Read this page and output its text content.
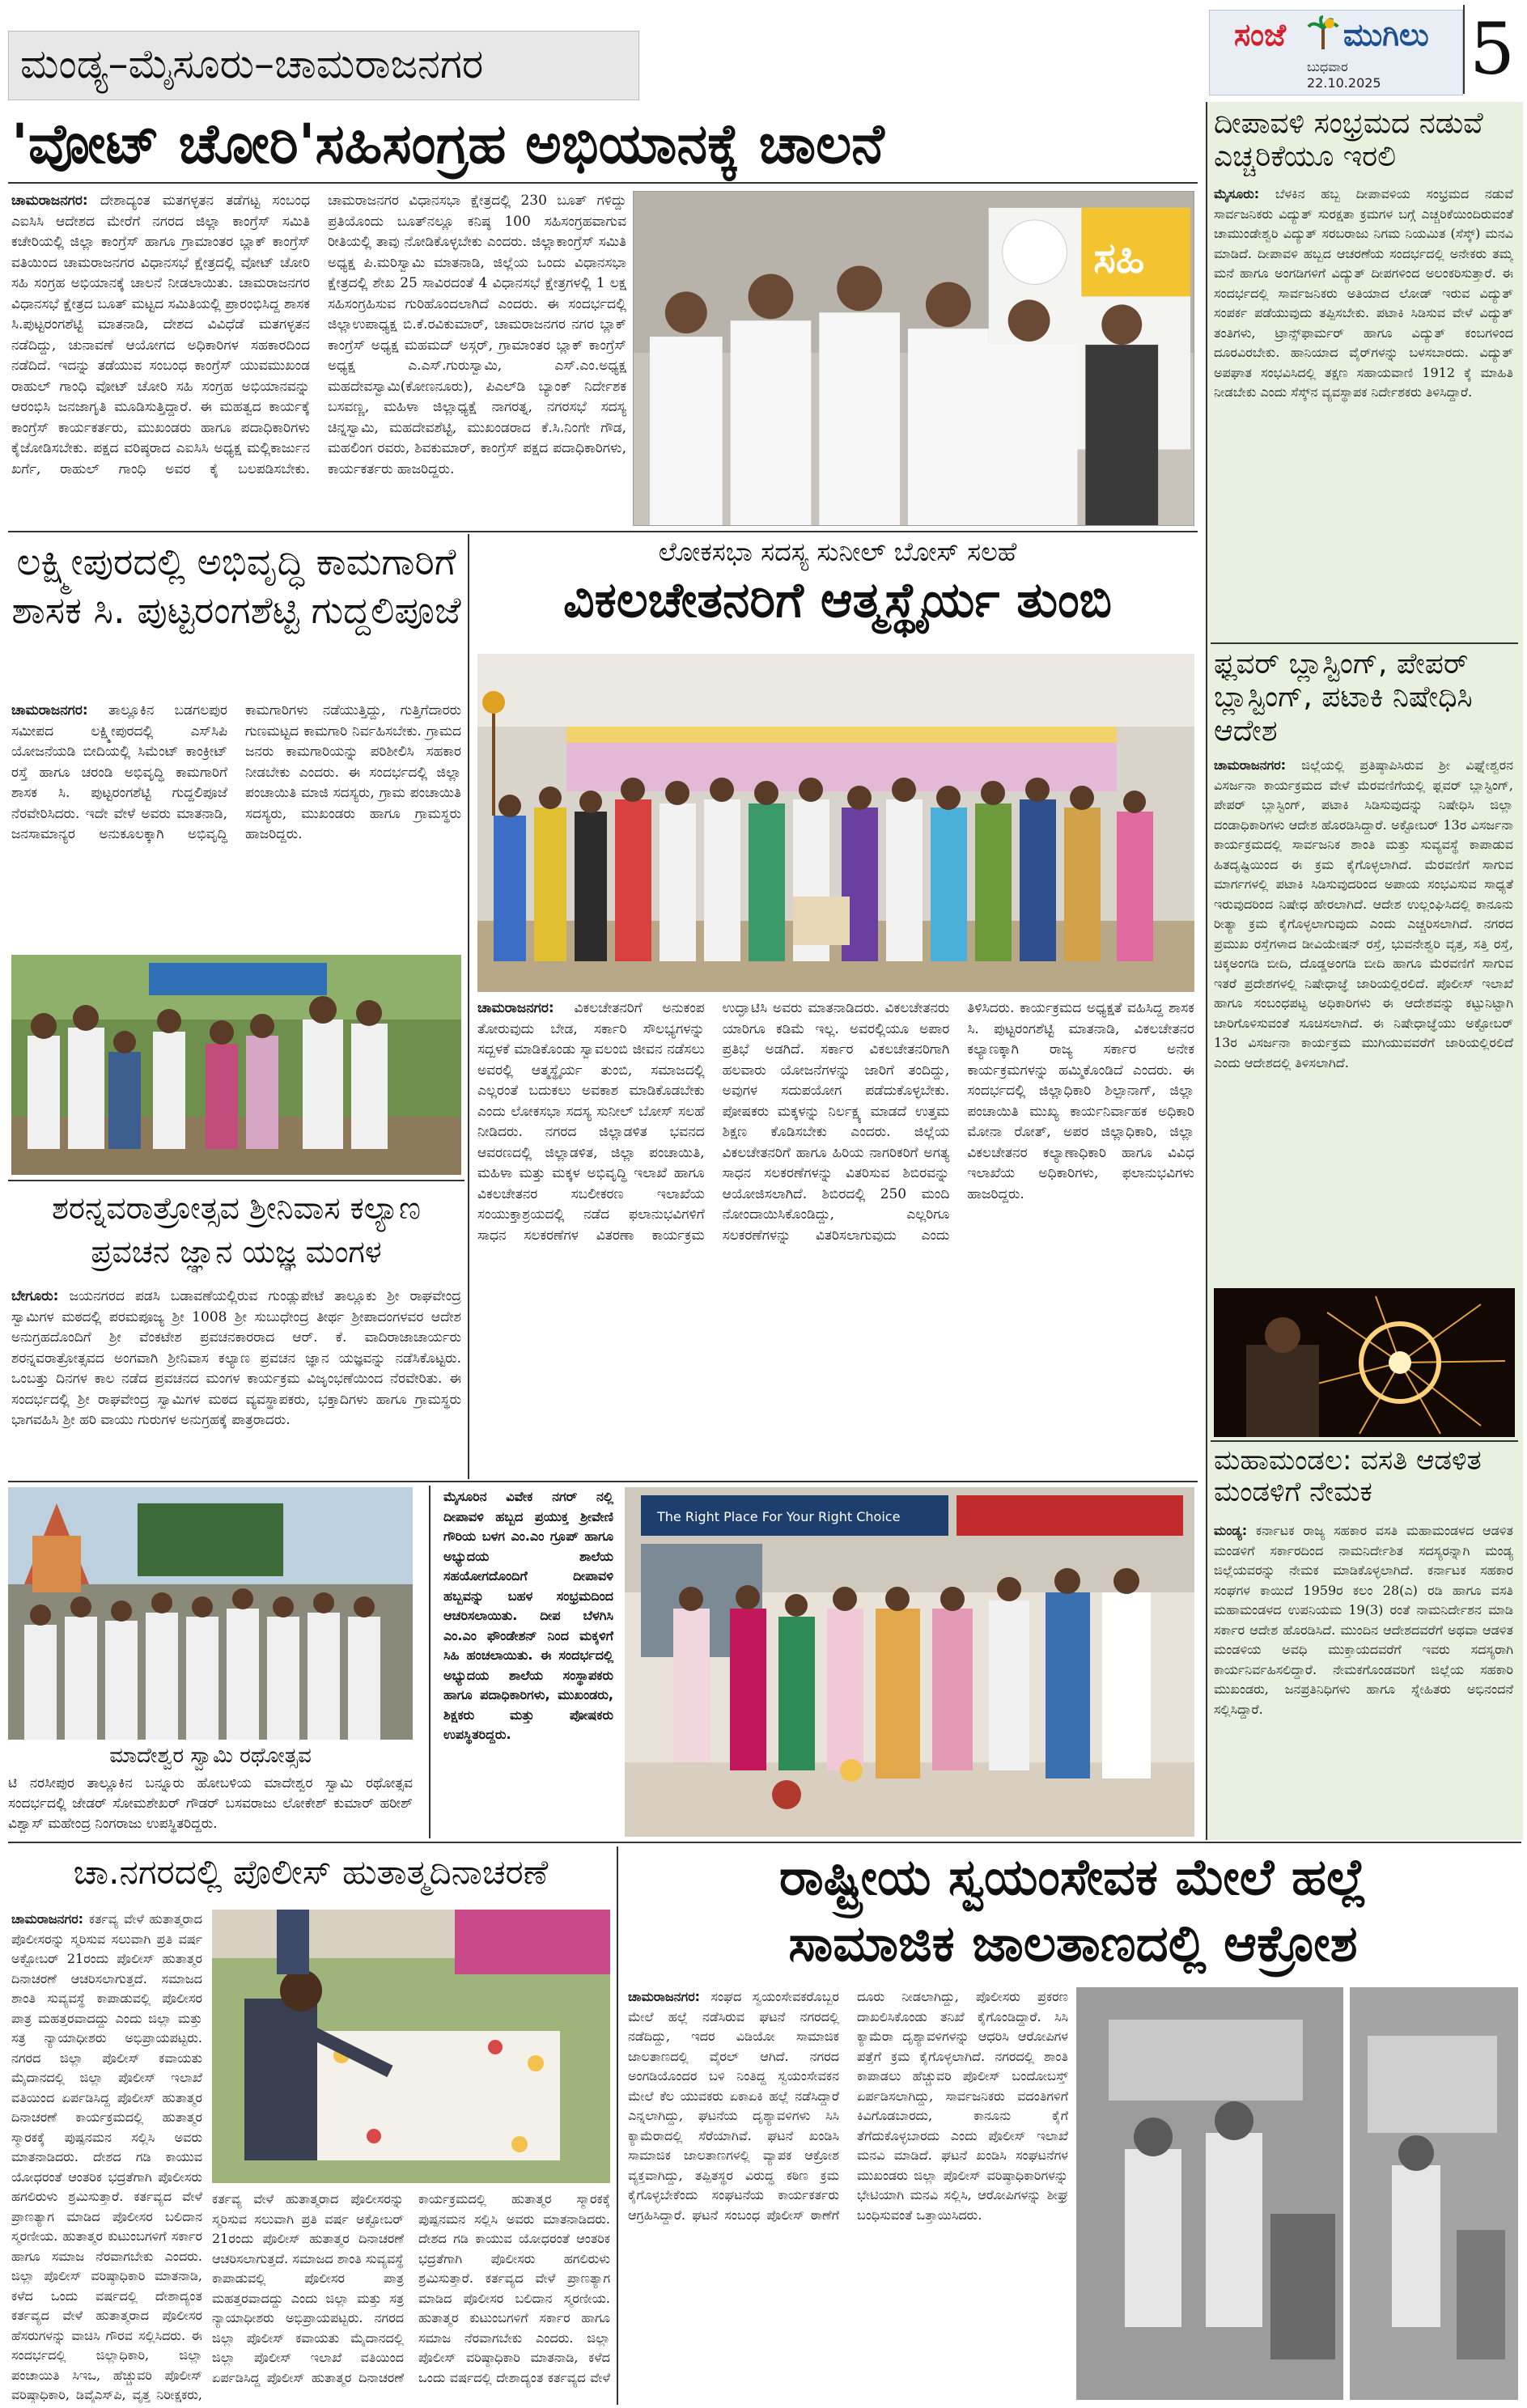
ಮಂಡ್ಯ–ಮೈಸೂರು–ಚಾಮರಾಜನಗರ
ಸಂಜೆ ಮುಗಿಲು
ಬುಧವಾರ
22.10.2025 5
'ವೋಟ್ ಚೋರಿ'ಸಹಿಸಂಗ್ರಹ ಅಭಿಯಾನಕ್ಕೆ ಚಾಲನೆ
ಚಾಮರಾಜನಗರ: ದೇಶಾದ್ಯಂತ ಮತಗಳ್ಳತನ ತಡೆಗಟ್ಟ ಸಂಬಂಧ ಎಐಸಿಸಿ ಆದೇಶದ ಮೇರೆಗೆ ನಗರದ ಜಿಲ್ಲಾ ಕಾಂಗ್ರೆಸ್ ಸಮಿತಿ ಕಚೇರಿಯಲ್ಲಿ ಜಿಲ್ಲಾ ಕಾಂಗ್ರೆಸ್ ಹಾಗೂ ಗ್ರಾಮಾಂತರ ಬ್ಲಾಕ್ ಕಾಂಗ್ರೆಸ್ ವತಿಯಿಂದ ಚಾಮರಾಜನಗರ ವಿಧಾನಸಭೆ ಕ್ಷೇತ್ರದಲ್ಲಿ ವೋಟ್ ಚೋರಿ ಸಹಿ ಸಂಗ್ರಹ ಅಭಿಯಾನಕ್ಕೆ ಚಾಲನೆ ನೀಡಲಾಯಿತು. ಚಾಮರಾಜನಗರ ವಿಧಾನಸಭೆ ಕ್ಷೇತ್ರದ ಬೂತ್ ಮಟ್ಟದ ಸಮಿತಿಯಲ್ಲಿ ಪ್ರಾರಂಭಿಸಿದ್ದ ಶಾಸಕ ಸಿ.ಪುಟ್ಟರಂಗಶೆಟ್ಟಿ ಮಾತನಾಡಿ, ದೇಶದ ವಿವಿಧೆಡೆ ಮತಗಳ್ಳತನ ನಡೆದಿದ್ದು, ಚುನಾವಣೆ ಆಯೋಗದ ಅಧಿಕಾರಿಗಳ ಸಹಕಾರದಿಂದ ನಡೆದಿದೆ. ಇದನ್ನು ತಡೆಯುವ ಸಂಬಂಧ ಕಾಂಗ್ರೆಸ್ ಯುವಮುಖಂಡ ರಾಹುಲ್ ಗಾಂಧಿ ವೋಟ್ ಚೋರಿ ಸಹಿ ಸಂಗ್ರಹ ಅಭಿಯಾನವನ್ನು ಆರಂಭಿಸಿ ಜನಜಾಗೃತಿ ಮೂಡಿಸುತ್ತಿದ್ದಾರೆ. ಈ ಮಹತ್ವದ ಕಾರ್ಯಕ್ಕೆ ಕಾಂಗ್ರೆಸ್ ಕಾರ್ಯಕರ್ತರು, ಮುಖಂಡರು ಹಾಗೂ ಪದಾಧಿಕಾರಿಗಳು ಕೈಜೋಡಿಸಬೇಕು. ಪಕ್ಷದ ವರಿಷ್ಠರಾದ ಎಐಸಿಸಿ ಅಧ್ಯಕ್ಷ ಮಲ್ಲಿಕಾರ್ಜುನ ಖರ್ಗೆ, ರಾಹುಲ್ ಗಾಂಧಿ ಅವರ ಕೈ ಬಲಪಡಿಸಬೇಕು. ಚಾಮರಾಜನಗರ ವಿಧಾನಸಭಾ ಕ್ಷೇತ್ರದಲ್ಲಿ 230 ಬೂತ್ ಗಳಿದ್ದು ಪ್ರತಿಯೊಂದು ಬೂತ್‌ನಲ್ಲೂ ಕನಿಷ್ಠ 100 ಸಹಿಸಂಗ್ರಹವಾಗುವ ರೀತಿಯಲ್ಲಿ ತಾವು ನೋಡಿಕೊಳ್ಳಬೇಕು ಎಂದರು. ಜಿಲ್ಲಾಕಾಂಗ್ರೆಸ್ ಸಮಿತಿ ಅಧ್ಯಕ್ಷ ಪಿ.ಮರಿಸ್ವಾಮಿ ಮಾತನಾಡಿ, ಜಿಲ್ಲೆಯ ಒಂದು ವಿಧಾನಸಭಾ ಕ್ಷೇತ್ರದಲ್ಲಿ ಶೇಖ 25 ಸಾವಿರದಂತೆ 4 ವಿಧಾನಸಭೆ ಕ್ಷೇತ್ರಗಳಲ್ಲಿ 1 ಲಕ್ಷ ಸಹಿಸಂಗ್ರಹಿಸುವ ಗುರಿಹೊಂದಲಾಗಿದೆ ಎಂದರು. ಈ ಸಂದರ್ಭದಲ್ಲಿ ಜಿಲ್ಲಾಉಪಾಧ್ಯಕ್ಷ ಬಿ.ಕೆ.ರವಿಕುಮಾರ್, ಚಾಮರಾಜನಗರ ನಗರ ಬ್ಲಾಕ್ ಕಾಂಗ್ರೆಸ್ ಅಧ್ಯಕ್ಷ ಮಹಮದ್ ಅಸ್ಗರ್, ಗ್ರಾಮಾಂತರ ಬ್ಲಾಕ್ ಕಾಂಗ್ರೆಸ್ ಅಧ್ಯಕ್ಷ ಎ.ಎಸ್.ಗುರುಸ್ವಾಮಿ, ಎಸ್.ಎಂ.ಅಧ್ಯಕ್ಷ ಮಹದೇವಸ್ವಾಮಿ(ಕೋಣನೂರು), ಪಿಎಲ್‌ಡಿ ಬ್ಯಾಂಕ್ ನಿರ್ದೇಶಕ ಬಸವಣ್ಣ, ಮಹಿಳಾ ಜಿಲ್ಲಾಧ್ಯಕ್ಷೆ ನಾಗರತ್ನ, ನಗರಸಭೆ ಸದಸ್ಯ ಚಿನ್ನಸ್ವಾಮಿ, ಮಹದೇವಶೆಟ್ಟಿ, ಮುಖಂಡರಾದ ಕೆ.ಸಿ.ನಿಂಗೇ ಗೌಡ, ಮಹಲಿಂಗ ರವರು, ಶಿವಕುಮಾರ್, ಕಾಂಗ್ರೆಸ್ ಪಕ್ಷದ ಪದಾಧಿಕಾರಿಗಳು, ಕಾರ್ಯಕರ್ತರು ಹಾಜರಿದ್ದರು.
ಸಹಿ
ದೀಪಾವಳಿ ಸಂಭ್ರಮದ ನಡುವೆ ಎಚ್ಚರಿಕೆಯೂ ಇರಲಿ
ಮೈಸೂರು: ಬೆಳಕಿನ ಹಬ್ಬ ದೀಪಾವಳಿಯ ಸಂಭ್ರಮದ ನಡುವೆ ಸಾರ್ವಜನಿಕರು ವಿದ್ಯುತ್ ಸುರಕ್ಷತಾ ಕ್ರಮಗಳ ಬಗ್ಗೆ ಎಚ್ಚರಿಕೆಯಿಂದಿರುವಂತೆ ಚಾಮುಂಡೇಶ್ವರಿ ವಿದ್ಯುತ್ ಸರಬರಾಜು ನಿಗಮ ನಿಯಮಿತ (ಸೆಸ್ಕ್) ಮನವಿ ಮಾಡಿದೆ. ದೀಪಾವಳಿ ಹಬ್ಬದ ಆಚರಣೆಯ ಸಂದರ್ಭದಲ್ಲಿ ಅನೇಕರು ತಮ್ಮ ಮನೆ ಹಾಗೂ ಅಂಗಡಿಗಳಿಗೆ ವಿದ್ಯುತ್ ದೀಪಗಳಿಂದ ಅಲಂಕರಿಸುತ್ತಾರೆ. ಈ ಸಂದರ್ಭದಲ್ಲಿ ಸಾರ್ವಜನಿಕರು ಅತಿಯಾದ ಲೋಡ್ ಇರುವ ವಿದ್ಯುತ್ ಸಂಪರ್ಕ ಪಡೆಯುವುದು ತಪ್ಪಿಸಬೇಕು. ಪಟಾಕಿ ಸಿಡಿಸುವ ವೇಳೆ ವಿದ್ಯುತ್ ತಂತಿಗಳು, ಟ್ರಾನ್ಸ್‌ಫಾರ್ಮರ್ ಹಾಗೂ ವಿದ್ಯುತ್ ಕಂಬಗಳಿಂದ ದೂರವಿರಬೇಕು. ಹಾನಿಯಾದ ವೈರ್‌ಗಳನ್ನು ಬಳಸಬಾರದು. ವಿದ್ಯುತ್ ಅಪಘಾತ ಸಂಭವಿಸಿದಲ್ಲಿ ತಕ್ಷಣ ಸಹಾಯವಾಣಿ 1912 ಕ್ಕೆ ಮಾಹಿತಿ ನೀಡಬೇಕು ಎಂದು ಸೆಸ್ಕ್‌ನ ವ್ಯವಸ್ಥಾಪಕ ನಿರ್ದೇಶಕರು ತಿಳಿಸಿದ್ದಾರೆ.
ಫ್ಲವರ್ ಬ್ಲಾಸ್ಟಿಂಗ್, ಪೇಪರ್ ಬ್ಲಾಸ್ಟಿಂಗ್, ಪಟಾಕಿ ನಿಷೇಧಿಸಿ ಆದೇಶ
ಚಾಮರಾಜನಗರ: ಜಿಲ್ಲೆಯಲ್ಲಿ ಪ್ರತಿಷ್ಠಾಪಿಸಿರುವ ಶ್ರೀ ವಿಘ್ನೇಶ್ವರನ ವಿಸರ್ಜನಾ ಕಾರ್ಯಕ್ರಮದ ವೇಳೆ ಮೆರವಣಿಗೆಯಲ್ಲಿ ಫ್ಲವರ್ ಬ್ಲಾಸ್ಟಿಂಗ್, ಪೇಪರ್ ಬ್ಲಾಸ್ಟಿಂಗ್, ಪಟಾಕಿ ಸಿಡಿಸುವುದನ್ನು ನಿಷೇಧಿಸಿ ಜಿಲ್ಲಾ ದಂಡಾಧಿಕಾರಿಗಳು ಆದೇಶ ಹೊರಡಿಸಿದ್ದಾರೆ. ಅಕ್ಟೋಬರ್ 13ರ ವಿಸರ್ಜನಾ ಕಾರ್ಯಕ್ರಮದಲ್ಲಿ ಸಾರ್ವಜನಿಕ ಶಾಂತಿ ಮತ್ತು ಸುವ್ಯವಸ್ಥೆ ಕಾಪಾಡುವ ಹಿತದೃಷ್ಟಿಯಿಂದ ಈ ಕ್ರಮ ಕೈಗೊಳ್ಳಲಾಗಿದೆ. ಮೆರವಣಿಗೆ ಸಾಗುವ ಮಾರ್ಗಗಳಲ್ಲಿ ಪಟಾಕಿ ಸಿಡಿಸುವುದರಿಂದ ಅಪಾಯ ಸಂಭವಿಸುವ ಸಾಧ್ಯತೆ ಇರುವುದರಿಂದ ನಿಷೇಧ ಹೇರಲಾಗಿದೆ. ಆದೇಶ ಉಲ್ಲಂಘಿಸಿದಲ್ಲಿ ಕಾನೂನು ರೀತ್ಯಾ ಕ್ರಮ ಕೈಗೊಳ್ಳಲಾಗುವುದು ಎಂದು ಎಚ್ಚರಿಸಲಾಗಿದೆ. ನಗರದ ಪ್ರಮುಖ ರಸ್ತೆಗಳಾದ ಡೀವಿಯೇಷನ್ ರಸ್ತೆ, ಭುವನೇಶ್ವರಿ ವೃತ್ತ, ಸತ್ತಿ ರಸ್ತೆ, ಚಿಕ್ಕಅಂಗಡಿ ಬೀದಿ, ದೊಡ್ಡಅಂಗಡಿ ಬೀದಿ ಹಾಗೂ ಮೆರವಣಿಗೆ ಸಾಗುವ ಇತರೆ ಪ್ರದೇಶಗಳಲ್ಲಿ ನಿಷೇಧಾಜ್ಞೆ ಜಾರಿಯಲ್ಲಿರಲಿದೆ. ಪೊಲೀಸ್ ಇಲಾಖೆ ಹಾಗೂ ಸಂಬಂಧಪಟ್ಟ ಅಧಿಕಾರಿಗಳು ಈ ಆದೇಶವನ್ನು ಕಟ್ಟುನಿಟ್ಟಾಗಿ ಜಾರಿಗೊಳಿಸುವಂತೆ ಸೂಚಿಸಲಾಗಿದೆ. ಈ ನಿಷೇಧಾಜ್ಞೆಯು ಅಕ್ಟೋಬರ್ 13ರ ವಿಸರ್ಜನಾ ಕಾರ್ಯಕ್ರಮ ಮುಗಿಯುವವರೆಗೆ ಜಾರಿಯಲ್ಲಿರಲಿದೆ ಎಂದು ಆದೇಶದಲ್ಲಿ ತಿಳಿಸಲಾಗಿದೆ.
ಮಹಾಮಂಡಲ: ವಸತಿ ಆಡಳಿತ ಮಂಡಳಿಗೆ ನೇಮಕ
ಮಂಡ್ಯ: ಕರ್ನಾಟಕ ರಾಜ್ಯ ಸಹಕಾರ ವಸತಿ ಮಹಾಮಂಡಳದ ಆಡಳಿತ ಮಂಡಳಿಗೆ ಸರ್ಕಾರದಿಂದ ನಾಮನಿರ್ದೇಶಿತ ಸದಸ್ಯರನ್ನಾಗಿ ಮಂಡ್ಯ ಜಿಲ್ಲೆಯವರನ್ನು ನೇಮಕ ಮಾಡಿಕೊಳ್ಳಲಾಗಿದೆ. ಕರ್ನಾಟಕ ಸಹಕಾರ ಸಂಘಗಳ ಕಾಯಿದೆ 1959ರ ಕಲಂ 28(ಎ) ರಡಿ ಹಾಗೂ ವಸತಿ ಮಹಾಮಂಡಳದ ಉಪನಿಯಮ 19(3) ರಂತೆ ನಾಮನಿರ್ದೇಶನ ಮಾಡಿ ಸರ್ಕಾರ ಆದೇಶ ಹೊರಡಿಸಿದೆ. ಮುಂದಿನ ಆದೇಶದವರೆಗೆ ಅಥವಾ ಆಡಳಿತ ಮಂಡಳಿಯ ಅವಧಿ ಮುಕ್ತಾಯದವರೆಗೆ ಇವರು ಸದಸ್ಯರಾಗಿ ಕಾರ್ಯನಿರ್ವಹಿಸಲಿದ್ದಾರೆ. ನೇಮಕಗೊಂಡವರಿಗೆ ಜಿಲ್ಲೆಯ ಸಹಕಾರಿ ಮುಖಂಡರು, ಜನಪ್ರತಿನಿಧಿಗಳು ಹಾಗೂ ಸ್ನೇಹಿತರು ಅಭಿನಂದನೆ ಸಲ್ಲಿಸಿದ್ದಾರೆ.
ಲಕ್ಷ್ಮೀಪುರದಲ್ಲಿ ಅಭಿವೃದ್ಧಿ ಕಾಮಗಾರಿಗೆ ಶಾಸಕ ಸಿ. ಪುಟ್ಟರಂಗಶೆಟ್ಟಿ ಗುದ್ದಲಿಪೂಜೆ
ಚಾಮರಾಜನಗರ: ತಾಲ್ಲೂಕಿನ ಬಡಗಲಪುರ ಸಮೀಪದ ಲಕ್ಷ್ಮೀಪುರದಲ್ಲಿ ಎಸ್‌ಸಿಪಿ ಯೋಜನೆಯಡಿ ಬೀದಿಯಲ್ಲಿ ಸಿಮೆಂಟ್ ಕಾಂಕ್ರೀಟ್ ರಸ್ತೆ ಹಾಗೂ ಚರಂಡಿ ಅಭಿವೃದ್ಧಿ ಕಾಮಗಾರಿಗೆ ಶಾಸಕ ಸಿ. ಪುಟ್ಟರಂಗಶೆಟ್ಟಿ ಗುದ್ದಲಿಪೂಜೆ ನೆರವೇರಿಸಿದರು. ಇದೇ ವೇಳೆ ಅವರು ಮಾತನಾಡಿ, ಜನಸಾಮಾನ್ಯರ ಅನುಕೂಲಕ್ಕಾಗಿ ಅಭಿವೃದ್ಧಿ ಕಾಮಗಾರಿಗಳು ನಡೆಯುತ್ತಿದ್ದು, ಗುತ್ತಿಗೆದಾರರು ಗುಣಮಟ್ಟದ ಕಾಮಗಾರಿ ನಿರ್ವಹಿಸಬೇಕು. ಗ್ರಾಮದ ಜನರು ಕಾಮಗಾರಿಯನ್ನು ಪರಿಶೀಲಿಸಿ ಸಹಕಾರ ನೀಡಬೇಕು ಎಂದರು. ಈ ಸಂದರ್ಭದಲ್ಲಿ ಜಿಲ್ಲಾ ಪಂಚಾಯಿತಿ ಮಾಜಿ ಸದಸ್ಯರು, ಗ್ರಾಮ ಪಂಚಾಯಿತಿ ಸದಸ್ಯರು, ಮುಖಂಡರು ಹಾಗೂ ಗ್ರಾಮಸ್ಥರು ಹಾಜರಿದ್ದರು.
ಶರನ್ನವರಾತ್ರೋತ್ಸವ ಶ್ರೀನಿವಾಸ ಕಲ್ಯಾಣ ಪ್ರವಚನ ಜ್ಞಾನ ಯಜ್ಞ ಮಂಗಳ
ಬೇಗೂರು: ಜಯನಗರದ ಪಡಸಿ ಬಡಾವಣೆಯಲ್ಲಿರುವ ಗುಂಡ್ಲುಪೇಟೆ ತಾಲ್ಲೂಕು ಶ್ರೀ ರಾಘವೇಂದ್ರ ಸ್ವಾಮಿಗಳ ಮಠದಲ್ಲಿ ಪರಮಪೂಜ್ಯ ಶ್ರೀ 1008 ಶ್ರೀ ಸುಬುಧೇಂದ್ರ ತೀರ್ಥ ಶ್ರೀಪಾದಂಗಳವರ ಆದೇಶ ಅನುಗ್ರಹದೊಂದಿಗೆ ಶ್ರೀ ವೆಂಕಟೇಶ ಪ್ರವಚನಕಾರರಾದ ಆರ್. ಕೆ. ವಾದಿರಾಜಾಚಾರ್ಯರು ಶರನ್ನವರಾತ್ರೋತ್ಸವದ ಅಂಗವಾಗಿ ಶ್ರೀನಿವಾಸ ಕಲ್ಯಾಣ ಪ್ರವಚನ ಜ್ಞಾನ ಯಜ್ಞವನ್ನು ನಡೆಸಿಕೊಟ್ಟರು. ಒಂಬತ್ತು ದಿನಗಳ ಕಾಲ ನಡೆದ ಪ್ರವಚನದ ಮಂಗಳ ಕಾರ್ಯಕ್ರಮ ವಿಜೃಂಭಣೆಯಿಂದ ನೆರವೇರಿತು. ಈ ಸಂದರ್ಭದಲ್ಲಿ ಶ್ರೀ ರಾಘವೇಂದ್ರ ಸ್ವಾಮಿಗಳ ಮಠದ ವ್ಯವಸ್ಥಾಪಕರು, ಭಕ್ತಾದಿಗಳು ಹಾಗೂ ಗ್ರಾಮಸ್ಥರು ಭಾಗವಹಿಸಿ ಶ್ರೀ ಹರಿ ವಾಯು ಗುರುಗಳ ಅನುಗ್ರಹಕ್ಕೆ ಪಾತ್ರರಾದರು.
ಲೋಕಸಭಾ ಸದಸ್ಯ ಸುನೀಲ್ ಬೋಸ್ ಸಲಹೆ
ವಿಕಲಚೇತನರಿಗೆ ಆತ್ಮಸ್ಥೈರ್ಯ ತುಂಬಿ
ಚಾಮರಾಜನಗರ: ವಿಕಲಚೇತನರಿಗೆ ಅನುಕಂಪ ತೋರುವುದು ಬೇಡ, ಸರ್ಕಾರಿ ಸೌಲಭ್ಯಗಳನ್ನು ಸದ್ಬಳಕೆ ಮಾಡಿಕೊಂಡು ಸ್ವಾವಲಂಬಿ ಜೀವನ ನಡೆಸಲು ಅವರಲ್ಲಿ ಆತ್ಮಸ್ಥೈರ್ಯ ತುಂಬಿ, ಸಮಾಜದಲ್ಲಿ ಎಲ್ಲರಂತೆ ಬದುಕಲು ಅವಕಾಶ ಮಾಡಿಕೊಡಬೇಕು ಎಂದು ಲೋಕಸಭಾ ಸದಸ್ಯ ಸುನೀಲ್ ಬೋಸ್ ಸಲಹೆ ನೀಡಿದರು. ನಗರದ ಜಿಲ್ಲಾಡಳಿತ ಭವನದ ಆವರಣದಲ್ಲಿ ಜಿಲ್ಲಾಡಳಿತ, ಜಿಲ್ಲಾ ಪಂಚಾಯಿತಿ, ಮಹಿಳಾ ಮತ್ತು ಮಕ್ಕಳ ಅಭಿವೃದ್ಧಿ ಇಲಾಖೆ ಹಾಗೂ ವಿಕಲಚೇತನರ ಸಬಲೀಕರಣ ಇಲಾಖೆಯ ಸಂಯುಕ್ತಾಶ್ರಯದಲ್ಲಿ ನಡೆದ ಫಲಾನುಭವಿಗಳಿಗೆ ಸಾಧನ ಸಲಕರಣೆಗಳ ವಿತರಣಾ ಕಾರ್ಯಕ್ರಮ ಉದ್ಘಾಟಿಸಿ ಅವರು ಮಾತನಾಡಿದರು. ವಿಕಲಚೇತನರು ಯಾರಿಗೂ ಕಡಿಮೆ ಇಲ್ಲ. ಅವರಲ್ಲಿಯೂ ಅಪಾರ ಪ್ರತಿಭೆ ಅಡಗಿದೆ. ಸರ್ಕಾರ ವಿಕಲಚೇತನರಿಗಾಗಿ ಹಲವಾರು ಯೋಜನೆಗಳನ್ನು ಜಾರಿಗೆ ತಂದಿದ್ದು, ಅವುಗಳ ಸದುಪಯೋಗ ಪಡೆದುಕೊಳ್ಳಬೇಕು. ಪೋಷಕರು ಮಕ್ಕಳನ್ನು ನಿರ್ಲಕ್ಷ್ಯ ಮಾಡದೆ ಉತ್ತಮ ಶಿಕ್ಷಣ ಕೊಡಿಸಬೇಕು ಎಂದರು. ಜಿಲ್ಲೆಯ ವಿಕಲಚೇತನರಿಗೆ ಹಾಗೂ ಹಿರಿಯ ನಾಗರಿಕರಿಗೆ ಅಗತ್ಯ ಸಾಧನ ಸಲಕರಣೆಗಳನ್ನು ವಿತರಿಸುವ ಶಿಬಿರವನ್ನು ಆಯೋಜಿಸಲಾಗಿದೆ. ಶಿಬಿರದಲ್ಲಿ 250 ಮಂದಿ ನೋಂದಾಯಿಸಿಕೊಂಡಿದ್ದು, ಎಲ್ಲರಿಗೂ ಸಲಕರಣೆಗಳನ್ನು ವಿತರಿಸಲಾಗುವುದು ಎಂದು ತಿಳಿಸಿದರು. ಕಾರ್ಯಕ್ರಮದ ಅಧ್ಯಕ್ಷತೆ ವಹಿಸಿದ್ದ ಶಾಸಕ ಸಿ. ಪುಟ್ಟರಂಗಶೆಟ್ಟಿ ಮಾತನಾಡಿ, ವಿಕಲಚೇತನರ ಕಲ್ಯಾಣಕ್ಕಾಗಿ ರಾಜ್ಯ ಸರ್ಕಾರ ಅನೇಕ ಕಾರ್ಯಕ್ರಮಗಳನ್ನು ಹಮ್ಮಿಕೊಂಡಿದೆ ಎಂದರು. ಈ ಸಂದರ್ಭದಲ್ಲಿ ಜಿಲ್ಲಾಧಿಕಾರಿ ಶಿಲ್ಪಾನಾಗ್, ಜಿಲ್ಲಾ ಪಂಚಾಯಿತಿ ಮುಖ್ಯ ಕಾರ್ಯನಿರ್ವಾಹಕ ಅಧಿಕಾರಿ ಮೋನಾ ರೋತ್, ಅಪರ ಜಿಲ್ಲಾಧಿಕಾರಿ, ಜಿಲ್ಲಾ ವಿಕಲಚೇತನರ ಕಲ್ಯಾಣಾಧಿಕಾರಿ ಹಾಗೂ ವಿವಿಧ ಇಲಾಖೆಯ ಅಧಿಕಾರಿಗಳು, ಫಲಾನುಭವಿಗಳು ಹಾಜರಿದ್ದರು.
ಮಾದೇಶ್ವರ ಸ್ವಾಮಿ ರಥೋತ್ಸವ
ಟಿ ನರಸೀಪುರ ತಾಲ್ಲೂಕಿನ ಬನ್ನೂರು ಹೋಬಳಿಯ ಮಾದೇಶ್ವರ ಸ್ವಾಮಿ ರಥೋತ್ಸವ ಸಂದರ್ಭದಲ್ಲಿ ಜೇಡರ್ ಸೋಮಶೇಖರ್ ಗೌಡರ್ ಬಸವರಾಜು ಲೋಕೇಶ್ ಕುಮಾರ್ ಹರೀಶ್ ವಿಶ್ವಾಸ್ ಮಹೇಂದ್ರ ನಿಂಗರಾಜು ಉಪಸ್ಥಿತರಿದ್ದರು.
ಮೈಸೂರಿನ ವಿವೇಕ ನಗರ್ ನಲ್ಲಿ ದೀಪಾವಳಿ ಹಬ್ಬದ ಪ್ರಯುಕ್ತ ಶ್ರೀವೇಣಿ ಗೌರಿಯ ಬಳಗ ಎಂ.ಎಂ ಗ್ರೂಪ್ ಹಾಗೂ ಅಭ್ಯುದಯ ಶಾಲೆಯ ಸಹಯೋಗದೊಂದಿಗೆ ದೀಪಾವಳಿ ಹಬ್ಬವನ್ನು ಬಹಳ ಸಂಭ್ರಮದಿಂದ ಆಚರಿಸಲಾಯಿತು. ದೀಪ ಬೆಳಗಿಸಿ ಎಂ.ಎಂ ಫೌಂಡೇಶನ್ ನಿಂದ ಮಕ್ಕಳಿಗೆ ಸಿಹಿ ಹಂಚಲಾಯಿತು. ಈ ಸಂದರ್ಭದಲ್ಲಿ ಅಭ್ಯುದಯ ಶಾಲೆಯ ಸಂಸ್ಥಾಪಕರು ಹಾಗೂ ಪದಾಧಿಕಾರಿಗಳು, ಮುಖಂಡರು, ಶಿಕ್ಷಕರು ಮತ್ತು ಪೋಷಕರು ಉಪಸ್ಥಿತರಿದ್ದರು.
The Right Place For Your Right Choice
ಚಾ.ನಗರದಲ್ಲಿ ಪೊಲೀಸ್ ಹುತಾತ್ಮದಿನಾಚರಣೆ
ಚಾಮರಾಜನಗರ: ಕರ್ತವ್ಯ ವೇಳೆ ಹುತಾತ್ಮರಾದ ಪೊಲೀಸರನ್ನು ಸ್ಮರಿಸುವ ಸಲುವಾಗಿ ಪ್ರತಿ ವರ್ಷ ಅಕ್ಟೋಬರ್ 21ರಂದು ಪೊಲೀಸ್ ಹುತಾತ್ಮರ ದಿನಾಚರಣೆ ಆಚರಿಸಲಾಗುತ್ತದೆ. ಸಮಾಜದ ಶಾಂತಿ ಸುವ್ಯವಸ್ಥೆ ಕಾಪಾಡುವಲ್ಲಿ ಪೊಲೀಸರ ಪಾತ್ರ ಮಹತ್ತರವಾದದ್ದು ಎಂದು ಜಿಲ್ಲಾ ಮತ್ತು ಸತ್ರ ನ್ಯಾಯಾಧೀಶರು ಅಭಿಪ್ರಾಯಪಟ್ಟರು. ನಗರದ ಜಿಲ್ಲಾ ಪೊಲೀಸ್ ಕವಾಯತು ಮೈದಾನದಲ್ಲಿ ಜಿಲ್ಲಾ ಪೊಲೀಸ್ ಇಲಾಖೆ ವತಿಯಿಂದ ಏರ್ಪಡಿಸಿದ್ದ ಪೊಲೀಸ್ ಹುತಾತ್ಮರ ದಿನಾಚರಣೆ ಕಾರ್ಯಕ್ರಮದಲ್ಲಿ ಹುತಾತ್ಮರ ಸ್ಮಾರಕಕ್ಕೆ ಪುಷ್ಪನಮನ ಸಲ್ಲಿಸಿ ಅವರು ಮಾತನಾಡಿದರು. ದೇಶದ ಗಡಿ ಕಾಯುವ ಯೋಧರಂತೆ ಆಂತರಿಕ ಭದ್ರತೆಗಾಗಿ ಪೊಲೀಸರು ಹಗಲಿರುಳು ಶ್ರಮಿಸುತ್ತಾರೆ. ಕರ್ತವ್ಯದ ವೇಳೆ ಪ್ರಾಣತ್ಯಾಗ ಮಾಡಿದ ಪೊಲೀಸರ ಬಲಿದಾನ ಸ್ಮರಣೀಯ. ಹುತಾತ್ಮರ ಕುಟುಂಬಗಳಿಗೆ ಸರ್ಕಾರ ಹಾಗೂ ಸಮಾಜ ನೆರವಾಗಬೇಕು ಎಂದರು. ಜಿಲ್ಲಾ ಪೊಲೀಸ್ ವರಿಷ್ಠಾಧಿಕಾರಿ ಮಾತನಾಡಿ, ಕಳೆದ ಒಂದು ವರ್ಷದಲ್ಲಿ ದೇಶಾದ್ಯಂತ ಕರ್ತವ್ಯದ ವೇಳೆ ಹುತಾತ್ಮರಾದ ಪೊಲೀಸರ ಹೆಸರುಗಳನ್ನು ವಾಚಿಸಿ ಗೌರವ ಸಲ್ಲಿಸಿದರು. ಈ ಸಂದರ್ಭದಲ್ಲಿ ಜಿಲ್ಲಾಧಿಕಾರಿ, ಜಿಲ್ಲಾ ಪಂಚಾಯಿತಿ ಸಿಇಒ, ಹೆಚ್ಚುವರಿ ಪೊಲೀಸ್ ವರಿಷ್ಠಾಧಿಕಾರಿ, ಡಿವೈಎಸ್‌ಪಿ, ವೃತ್ತ ನಿರೀಕ್ಷಕರು,
ಕರ್ತವ್ಯ ವೇಳೆ ಹುತಾತ್ಮರಾದ ಪೊಲೀಸರನ್ನು ಸ್ಮರಿಸುವ ಸಲುವಾಗಿ ಪ್ರತಿ ವರ್ಷ ಅಕ್ಟೋಬರ್ 21ರಂದು ಪೊಲೀಸ್ ಹುತಾತ್ಮರ ದಿನಾಚರಣೆ ಆಚರಿಸಲಾಗುತ್ತದೆ. ಸಮಾಜದ ಶಾಂತಿ ಸುವ್ಯವಸ್ಥೆ ಕಾಪಾಡುವಲ್ಲಿ ಪೊಲೀಸರ ಪಾತ್ರ ಮಹತ್ತರವಾದದ್ದು ಎಂದು ಜಿಲ್ಲಾ ಮತ್ತು ಸತ್ರ ನ್ಯಾಯಾಧೀಶರು ಅಭಿಪ್ರಾಯಪಟ್ಟರು. ನಗರದ ಜಿಲ್ಲಾ ಪೊಲೀಸ್ ಕವಾಯತು ಮೈದಾನದಲ್ಲಿ ಜಿಲ್ಲಾ ಪೊಲೀಸ್ ಇಲಾಖೆ ವತಿಯಿಂದ ಏರ್ಪಡಿಸಿದ್ದ ಪೊಲೀಸ್ ಹುತಾತ್ಮರ ದಿನಾಚರಣೆ ಕಾರ್ಯಕ್ರಮದಲ್ಲಿ ಹುತಾತ್ಮರ ಸ್ಮಾರಕಕ್ಕೆ ಪುಷ್ಪನಮನ ಸಲ್ಲಿಸಿ ಅವರು ಮಾತನಾಡಿದರು. ದೇಶದ ಗಡಿ ಕಾಯುವ ಯೋಧರಂತೆ ಆಂತರಿಕ ಭದ್ರತೆಗಾಗಿ ಪೊಲೀಸರು ಹಗಲಿರುಳು ಶ್ರಮಿಸುತ್ತಾರೆ. ಕರ್ತವ್ಯದ ವೇಳೆ ಪ್ರಾಣತ್ಯಾಗ ಮಾಡಿದ ಪೊಲೀಸರ ಬಲಿದಾನ ಸ್ಮರಣೀಯ. ಹುತಾತ್ಮರ ಕುಟುಂಬಗಳಿಗೆ ಸರ್ಕಾರ ಹಾಗೂ ಸಮಾಜ ನೆರವಾಗಬೇಕು ಎಂದರು. ಜಿಲ್ಲಾ ಪೊಲೀಸ್ ವರಿಷ್ಠಾಧಿಕಾರಿ ಮಾತನಾಡಿ, ಕಳೆದ ಒಂದು ವರ್ಷದಲ್ಲಿ ದೇಶಾದ್ಯಂತ ಕರ್ತವ್ಯದ ವೇಳೆ
ರಾಷ್ಟ್ರೀಯ ಸ್ವಯಂಸೇವಕ ಮೇಲೆ ಹಲ್ಲೆ
ಸಾಮಾಜಿಕ ಜಾಲತಾಣದಲ್ಲಿ ಆಕ್ರೋಶ
ಚಾಮರಾಜನಗರ: ಸಂಘದ ಸ್ವಯಂಸೇವಕರೊಬ್ಬರ ಮೇಲೆ ಹಲ್ಲೆ ನಡೆಸಿರುವ ಘಟನೆ ನಗರದಲ್ಲಿ ನಡೆದಿದ್ದು, ಇದರ ವಿಡಿಯೋ ಸಾಮಾಜಿಕ ಜಾಲತಾಣದಲ್ಲಿ ವೈರಲ್ ಆಗಿದೆ. ನಗರದ ಅಂಗಡಿಯೊಂದರ ಬಳಿ ನಿಂತಿದ್ದ ಸ್ವಯಂಸೇವಕನ ಮೇಲೆ ಕೆಲ ಯುವಕರು ಏಕಾಏಕಿ ಹಲ್ಲೆ ನಡೆಸಿದ್ದಾರೆ ಎನ್ನಲಾಗಿದ್ದು, ಘಟನೆಯ ದೃಶ್ಯಾವಳಿಗಳು ಸಿಸಿ ಕ್ಯಾಮೆರಾದಲ್ಲಿ ಸೆರೆಯಾಗಿವೆ. ಘಟನೆ ಖಂಡಿಸಿ ಸಾಮಾಜಿಕ ಜಾಲತಾಣಗಳಲ್ಲಿ ವ್ಯಾಪಕ ಆಕ್ರೋಶ ವ್ಯಕ್ತವಾಗಿದ್ದು, ತಪ್ಪಿತಸ್ಥರ ವಿರುದ್ಧ ಕಠಿಣ ಕ್ರಮ ಕೈಗೊಳ್ಳಬೇಕೆಂದು ಸಂಘಟನೆಯ ಕಾರ್ಯಕರ್ತರು ಆಗ್ರಹಿಸಿದ್ದಾರೆ. ಘಟನೆ ಸಂಬಂಧ ಪೊಲೀಸ್ ಠಾಣೆಗೆ ದೂರು ನೀಡಲಾಗಿದ್ದು, ಪೊಲೀಸರು ಪ್ರಕರಣ ದಾಖಲಿಸಿಕೊಂಡು ತನಿಖೆ ಕೈಗೊಂಡಿದ್ದಾರೆ. ಸಿಸಿ ಕ್ಯಾಮೆರಾ ದೃಶ್ಯಾವಳಿಗಳನ್ನು ಆಧರಿಸಿ ಆರೋಪಿಗಳ ಪತ್ತೆಗೆ ಕ್ರಮ ಕೈಗೊಳ್ಳಲಾಗಿದೆ. ನಗರದಲ್ಲಿ ಶಾಂತಿ ಕಾಪಾಡಲು ಹೆಚ್ಚುವರಿ ಪೊಲೀಸ್ ಬಂದೋಬಸ್ತ್ ಏರ್ಪಡಿಸಲಾಗಿದ್ದು, ಸಾರ್ವಜನಿಕರು ವದಂತಿಗಳಿಗೆ ಕಿವಿಗೊಡಬಾರದು, ಕಾನೂನು ಕೈಗೆ ತೆಗೆದುಕೊಳ್ಳಬಾರದು ಎಂದು ಪೊಲೀಸ್ ಇಲಾಖೆ ಮನವಿ ಮಾಡಿದೆ. ಘಟನೆ ಖಂಡಿಸಿ ಸಂಘಟನೆಗಳ ಮುಖಂಡರು ಜಿಲ್ಲಾ ಪೊಲೀಸ್ ವರಿಷ್ಠಾಧಿಕಾರಿಗಳನ್ನು ಭೇಟಿಯಾಗಿ ಮನವಿ ಸಲ್ಲಿಸಿ, ಆರೋಪಿಗಳನ್ನು ಶೀಘ್ರ ಬಂಧಿಸುವಂತೆ ಒತ್ತಾಯಿಸಿದರು.
